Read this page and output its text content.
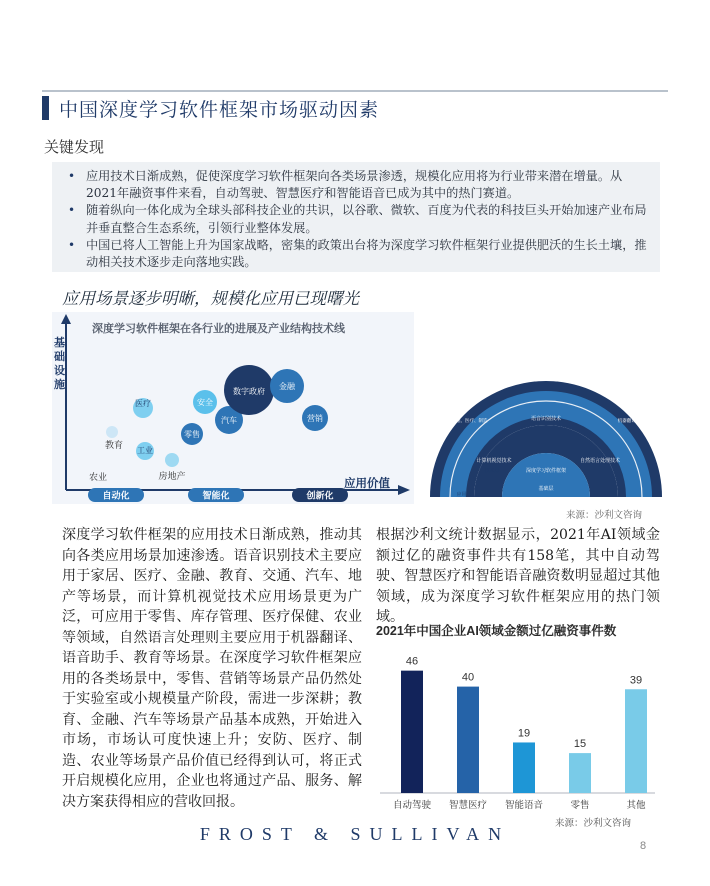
中国深度学习软件框架市场驱动因素
关键发现
• 应用技术日渐成熟，促使深度学习软件框架向各类场景渗透，规模化应用将为行业带来潜在增量。从2021年融资事件来看，自动驾驶、智慧医疗和智能语音已成为其中的热门赛道。
• 随着纵向一体化成为全球头部科技企业的共识，以谷歌、微软、百度为代表的科技巨头开始加速产业布局并垂直整合生态系统，引领行业整体发展。
• 中国已将人工智能上升为国家战略，密集的政策出台将为深度学习软件框架行业提供肥沃的生长土壤，推动相关技术逐步走向落地实践。
应用场景逐步明晰，规模化应用已现曙光
深度学习软件框架在各行业的进展及产业结构技术线
基
础
设
施
应用价值
自动化	智能化	创新化
医疗
教育
工业
农业	房地产
安全
零售
汽车
数字政府
金融
营销
深度学习软件框架
家居、医疗、金融、教育、交通、汽车、地产
语音识别技术
安防、零售、管理、医疗、制造
计算机视觉技术	自然语言处理技术
机器翻译、语音助手
基础层
技术层
应用层
来源：沙利文咨询
深度学习软件框架的应用技术日渐成熟，推动其向各类应用场景加速渗透。语音识别技术主要应用于家居、医疗、金融、教育、交通、汽车、地产等场景，而计算机视觉技术应用场景更为广泛，可应用于零售、库存管理、医疗保健、农业等领域，自然语言处理则主要应用于机器翻译、语音助手、教育等场景。在深度学习软件框架应用的各类场景中，零售、营销等场景产品仍然处于实验室或小规模量产阶段，需进一步深耕；教育、金融、汽车等场景产品基本成熟，开始进入市场，市场认可度快速上升；安防、医疗、制造、农业等场景产品价值已经得到认可，将正式开启规模化应用，企业也将通过产品、服务、解决方案获得相应的营收回报。
根据沙利文统计数据显示，2021年AI领域金额过亿的融资事件共有158笔，其中自动驾驶、智慧医疗和智能语音融资数明显超过其他领域，成为深度学习软件框架应用的热门领域。
2021年中国企业AI领域金额过亿融资事件数
46
自动驾驶
40
智慧医疗
19
智能语音
15
零售
39
其他
来源：沙利文咨询
FROST & SULLIVAN
8
